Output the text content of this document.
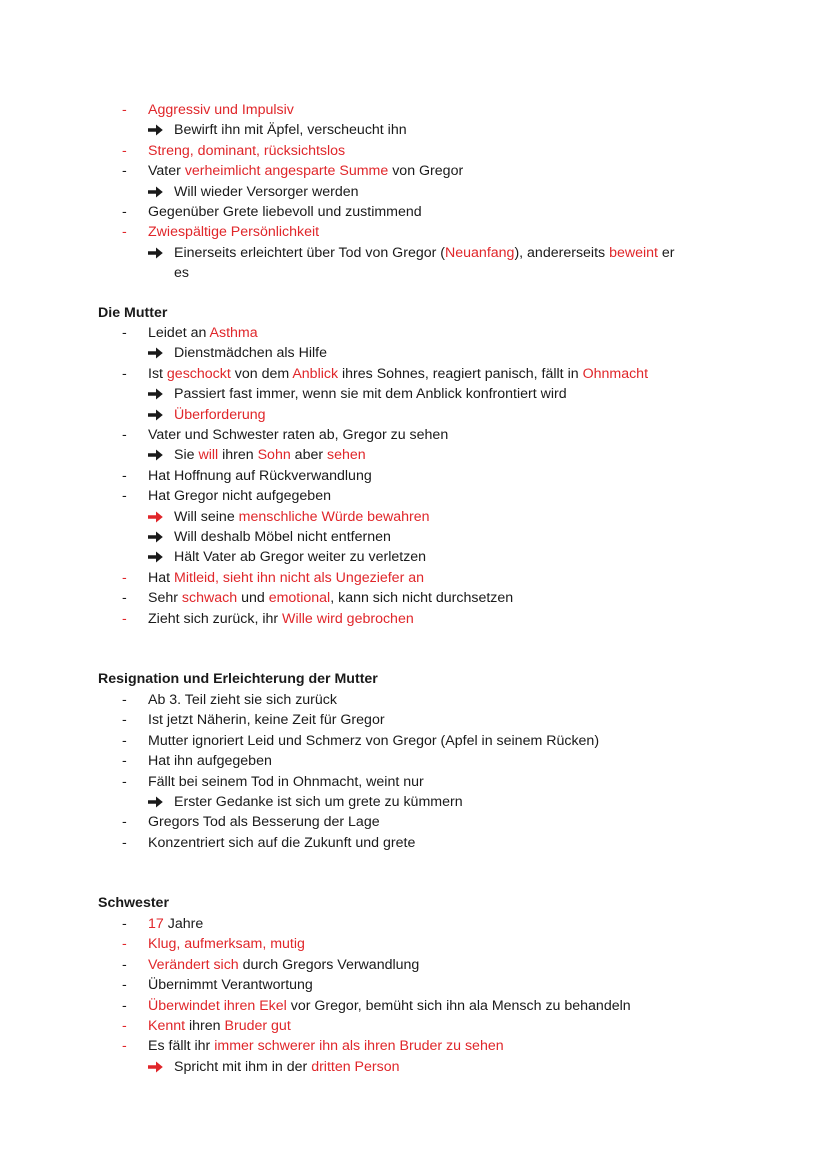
-	Aggressiv und Impulsiv
Bewirft ihn mit Äpfel, verscheucht ihn
-	Streng, dominant, rücksichtslos
-	Vater verheimlicht angesparte Summe von Gregor
Will wieder Versorger werden
-	Gegenüber Grete liebevoll und zustimmend
-	Zwiespältige Persönlichkeit
Einerseits erleichtert über Tod von Gregor (Neuanfang), andererseits beweint er
es
Die Mutter
-	Leidet an Asthma
Dienstmädchen als Hilfe
-	Ist geschockt von dem Anblick ihres Sohnes, reagiert panisch, fällt in Ohnmacht
Passiert fast immer, wenn sie mit dem Anblick konfrontiert wird
Überforderung
-	Vater und Schwester raten ab, Gregor zu sehen
Sie will ihren Sohn aber sehen
-	Hat Hoffnung auf Rückverwandlung
-	Hat Gregor nicht aufgegeben
Will seine menschliche Würde bewahren
Will deshalb Möbel nicht entfernen
Hält Vater ab Gregor weiter zu verletzen
-	Hat Mitleid, sieht ihn nicht als Ungeziefer an
-	Sehr schwach und emotional, kann sich nicht durchsetzen
-	Zieht sich zurück, ihr Wille wird gebrochen
Resignation und Erleichterung der Mutter
-	Ab 3. Teil zieht sie sich zurück
-	Ist jetzt Näherin, keine Zeit für Gregor
-	Mutter ignoriert Leid und Schmerz von Gregor (Apfel in seinem Rücken)
-	Hat ihn aufgegeben
-	Fällt bei seinem Tod in Ohnmacht, weint nur
Erster Gedanke ist sich um grete zu kümmern
-	Gregors Tod als Besserung der Lage
-	Konzentriert sich auf die Zukunft und grete
Schwester
-	17 Jahre
-	Klug, aufmerksam, mutig
-	Verändert sich durch Gregors Verwandlung
-	Übernimmt Verantwortung
-	Überwindet ihren Ekel vor Gregor, bemüht sich ihn ala Mensch zu behandeln
-	Kennt ihren Bruder gut
-	Es fällt ihr immer schwerer ihn als ihren Bruder zu sehen
Spricht mit ihm in der dritten Person
